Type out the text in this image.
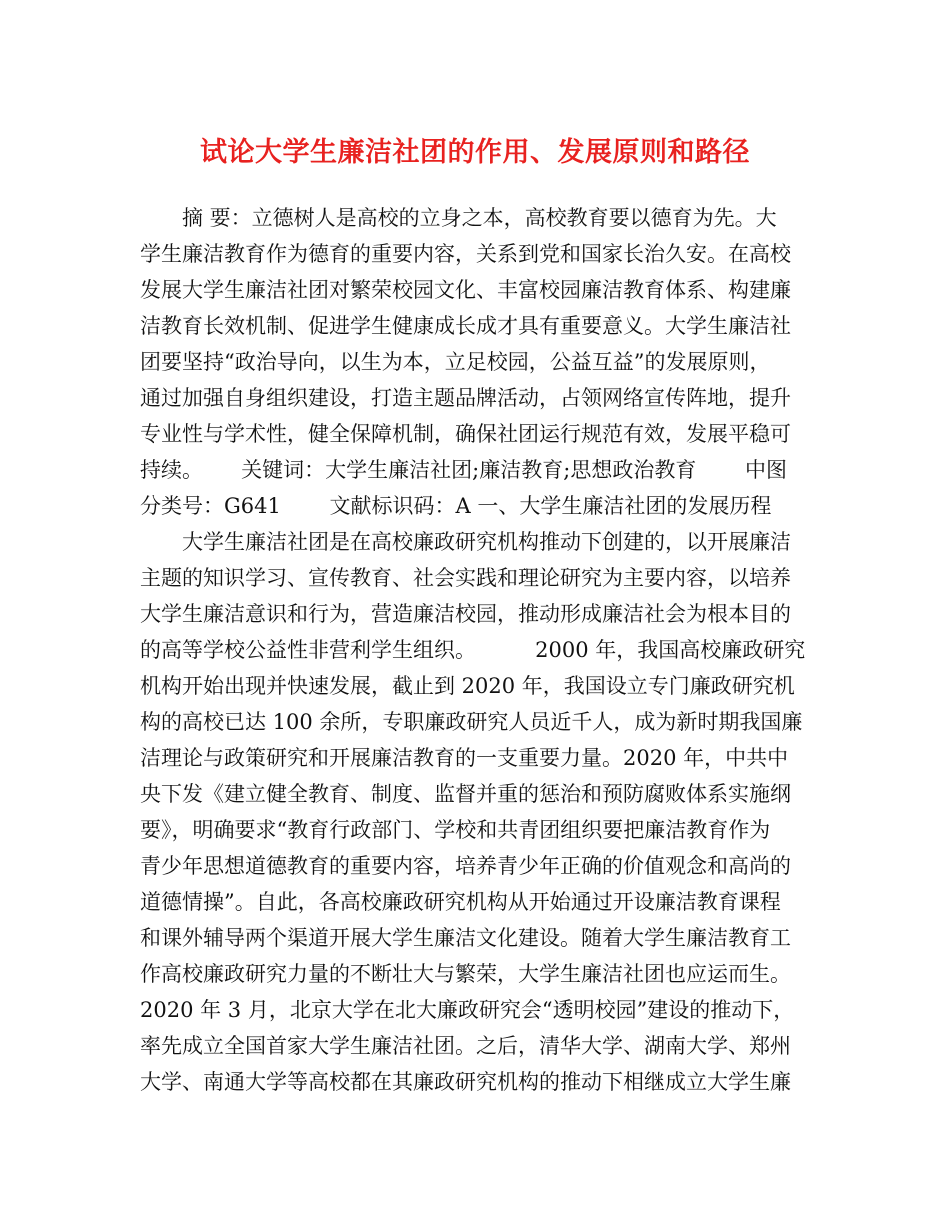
试论大学生廉洁社团的作用、发展原则和路径
　　摘 要：立德树人是高校的立身之本，高校教育要以德育为先。大
学生廉洁教育作为德育的重要内容，关系到党和国家长治久安。在高校
发展大学生廉洁社团对繁荣校园文化、丰富校园廉洁教育体系、构建廉
洁教育长效机制、促进学生健康成长成才具有重要意义。大学生廉洁社
团要坚持“政治导向，以生为本，立足校园，公益互益”的发展原则，
通过加强自身组织建设，打造主题品牌活动，占领网络宣传阵地，提升
专业性与学术性，健全保障机制，确保社团运行规范有效，发展平稳可
持续。　　 关键词：大学生廉洁社团;廉洁教育;思想政治教育　　 中图
分类号：G641　　 文献标识码：A 一、大学生廉洁社团的发展历程
　　大学生廉洁社团是在高校廉政研究机构推动下创建的，以开展廉洁
主题的知识学习、宣传教育、社会实践和理论研究为主要内容，以培养
大学生廉洁意识和行为，营造廉洁校园，推动形成廉洁社会为根本目的
的高等学校公益性非营利学生组织。　　　 2000 年，我国高校廉政研究
机构开始出现并快速发展，截止到 2020 年，我国设立专门廉政研究机
构的高校已达 100 余所，专职廉政研究人员近千人，成为新时期我国廉
洁理论与政策研究和开展廉洁教育的一支重要力量。2020 年，中共中
央下发《建立健全教育、制度、监督并重的惩治和预防腐败体系实施纲
要》，明确要求“教育行政部门、学校和共青团组织要把廉洁教育作为
青少年思想道德教育的重要内容，培养青少年正确的价值观念和高尚的
道德情操”。自此，各高校廉政研究机构从开始通过开设廉洁教育课程
和课外辅导两个渠道开展大学生廉洁文化建设。随着大学生廉洁教育工
作高校廉政研究力量的不断壮大与繁荣，大学生廉洁社团也应运而生。
2020 年 3 月，北京大学在北大廉政研究会“透明校园”建设的推动下，
率先成立全国首家大学生廉洁社团。之后，清华大学、湖南大学、郑州
大学、南通大学等高校都在其廉政研究机构的推动下相继成立大学生廉
